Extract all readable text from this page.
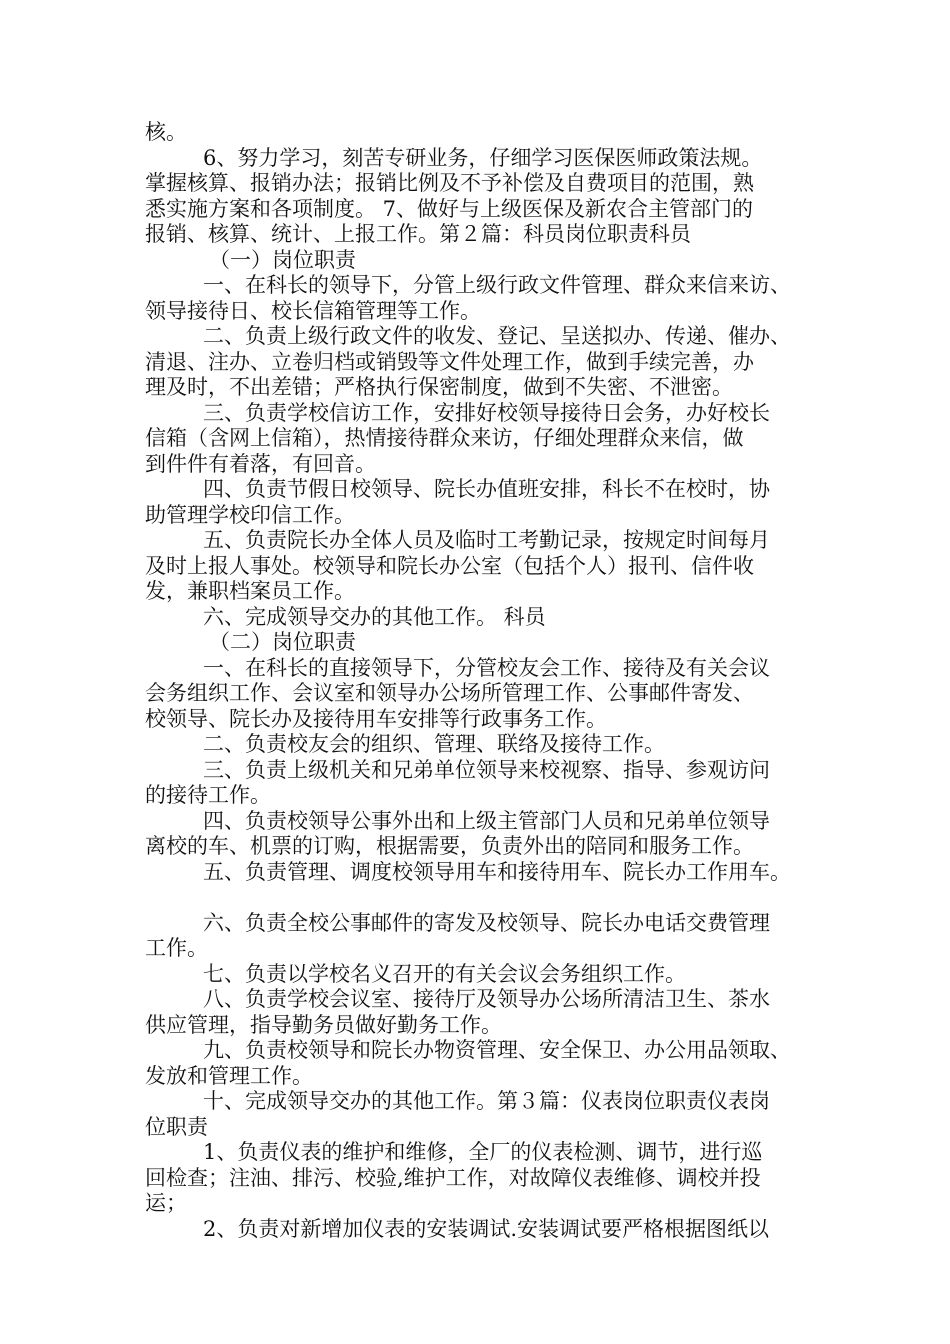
核。
6、努力学习，刻苦专研业务，仔细学习医保医师政策法规。
掌握核算、报销办法；报销比例及不予补偿及自费项目的范围，熟
悉实施方案和各项制度。 7、做好与上级医保及新农合主管部门的
报销、核算、统计、上报工作。第２篇：科员岗位职责科员
（一）岗位职责
一、在科长的领导下，分管上级行政文件管理、群众来信来访、
领导接待日、校长信箱管理等工作。
二、负责上级行政文件的收发、登记、呈送拟办、传递、催办、
清退、注办、立卷归档或销毁等文件处理工作，做到手续完善，办
理及时，不出差错；严格执行保密制度，做到不失密、不泄密。
三、负责学校信访工作，安排好校领导接待日会务，办好校长
信箱（含网上信箱），热情接待群众来访，仔细处理群众来信，做
到件件有着落，有回音。
四、负责节假日校领导、院长办值班安排，科长不在校时，协
助管理学校印信工作。
五、负责院长办全体人员及临时工考勤记录，按规定时间每月
及时上报人事处。校领导和院长办公室（包括个人）报刊、信件收
发，兼职档案员工作。
六、完成领导交办的其他工作。 科员
（二）岗位职责
一、在科长的直接领导下，分管校友会工作、接待及有关会议
会务组织工作、会议室和领导办公场所管理工作、公事邮件寄发、
校领导、院长办及接待用车安排等行政事务工作。
二、负责校友会的组织、管理、联络及接待工作。
三、负责上级机关和兄弟单位领导来校视察、指导、参观访问
的接待工作。
四、负责校领导公事外出和上级主管部门人员和兄弟单位领导
离校的车、机票的订购，根据需要，负责外出的陪同和服务工作。
五、负责管理、调度校领导用车和接待用车、院长办工作用车。
六、负责全校公事邮件的寄发及校领导、院长办电话交费管理
工作。
七、负责以学校名义召开的有关会议会务组织工作。
八、负责学校会议室、接待厅及领导办公场所清洁卫生、茶水
供应管理，指导勤务员做好勤务工作。
九、负责校领导和院长办物资管理、安全保卫、办公用品领取、
发放和管理工作。
十、完成领导交办的其他工作。第３篇：仪表岗位职责仪表岗
位职责
1、负责仪表的维护和维修，全厂的仪表检测、调节，进行巡
回检查；注油、排污、校验,维护工作，对故障仪表维修、调校并投
运；
2、负责对新增加仪表的安装调试.安装调试要严格根据图纸以
